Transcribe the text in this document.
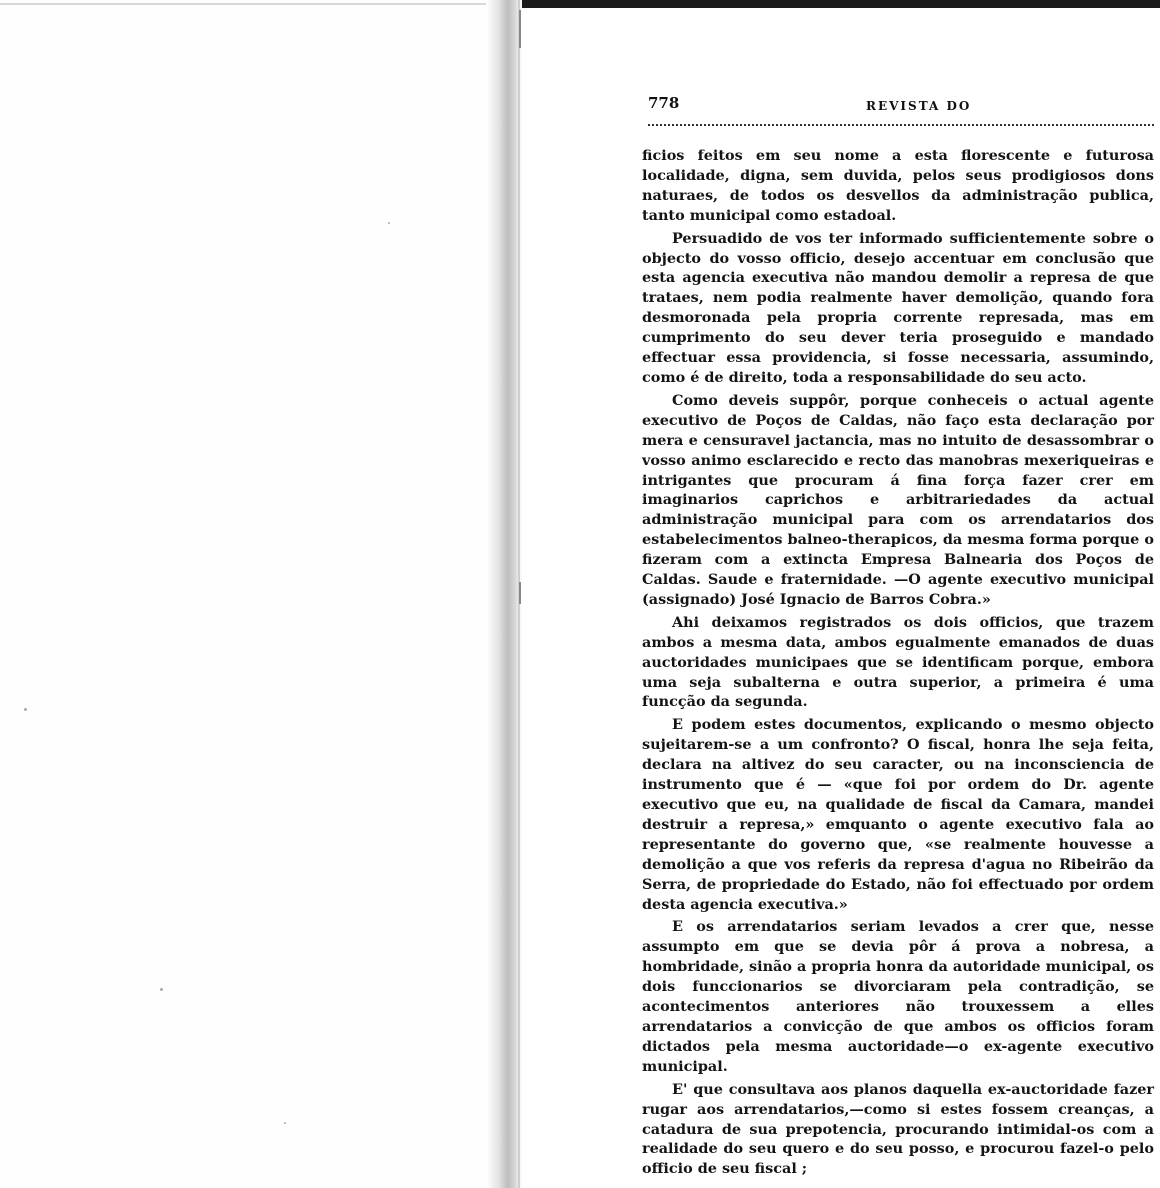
778	REVISTA DO

ficios feitos em seu nome a esta florescente e futurosa localidade, digna, sem duvida, pelos seus prodigiosos dons naturaes, de todos os desvellos da administração publica, tanto municipal como estadoal.

Persuadido de vos ter informado sufficientemente sobre o objecto do vosso officio, desejo accentuar em conclusão que esta agencia executiva não mandou demolir a represa de que trataes, nem podia realmente haver demolição, quando fora desmoronada pela propria corrente represada, mas em cumprimento do seu dever teria proseguido e mandado effectuar essa providencia, si fosse necessaria, assumindo, como é de direito, toda a responsabilidade do seu acto.

Como deveis suppôr, porque conheceis o actual agente executivo de Poços de Caldas, não faço esta declaração por mera e censuravel jactancia, mas no intuito de desassombrar o vosso animo esclarecido e recto das manobras mexeriqueiras e intrigantes que procuram á fina força fazer crer em imaginarios caprichos e arbitrariedades da actual administração municipal para com os arrendatarios dos estabelecimentos balneo-therapicos, da mesma forma porque o fizeram com a extincta Empresa Balnearia dos Poços de Caldas. Saude e fraternidade. —O agente executivo municipal (assignado) José Ignacio de Barros Cobra.»

Ahi deixamos registrados os dois officios, que trazem ambos a mesma data, ambos egualmente emanados de duas auctoridades municipaes que se identificam porque, embora uma seja subalterna e outra superior, a primeira é uma funcção da segunda.

E podem estes documentos, explicando o mesmo objecto sujeitarem-se a um confronto? O fiscal, honra lhe seja feita, declara na altivez do seu caracter, ou na inconsciencia de instrumento que é — «que foi por ordem do Dr. agente executivo que eu, na qualidade de fiscal da Camara, mandei destruir a represa,» emquanto o agente executivo fala ao representante do governo que, «se realmente houvesse a demolição a que vos referis da represa d'agua no Ribeirão da Serra, de propriedade do Estado, não foi effectuado por ordem desta agencia executiva.»

E os arrendatarios seriam levados a crer que, nesse assumpto em que se devia pôr á prova a nobresa, a hombridade, sinão a propria honra da autoridade municipal, os dois funccionarios se divorciaram pela contradição, se acontecimentos anteriores não trouxessem a elles arrendatarios a convicção de que ambos os officios foram dictados pela mesma auctoridade—o ex-agente executivo municipal.

E' que consultava aos planos daquella ex-auctoridade fazer rugar aos arrendatarios,—como si estes fossem creanças, a catadura de sua prepotencia, procurando intimidal-os com a realidade do seu quero e do seu posso, e procurou fazel-o pelo officio de seu fiscal ;
